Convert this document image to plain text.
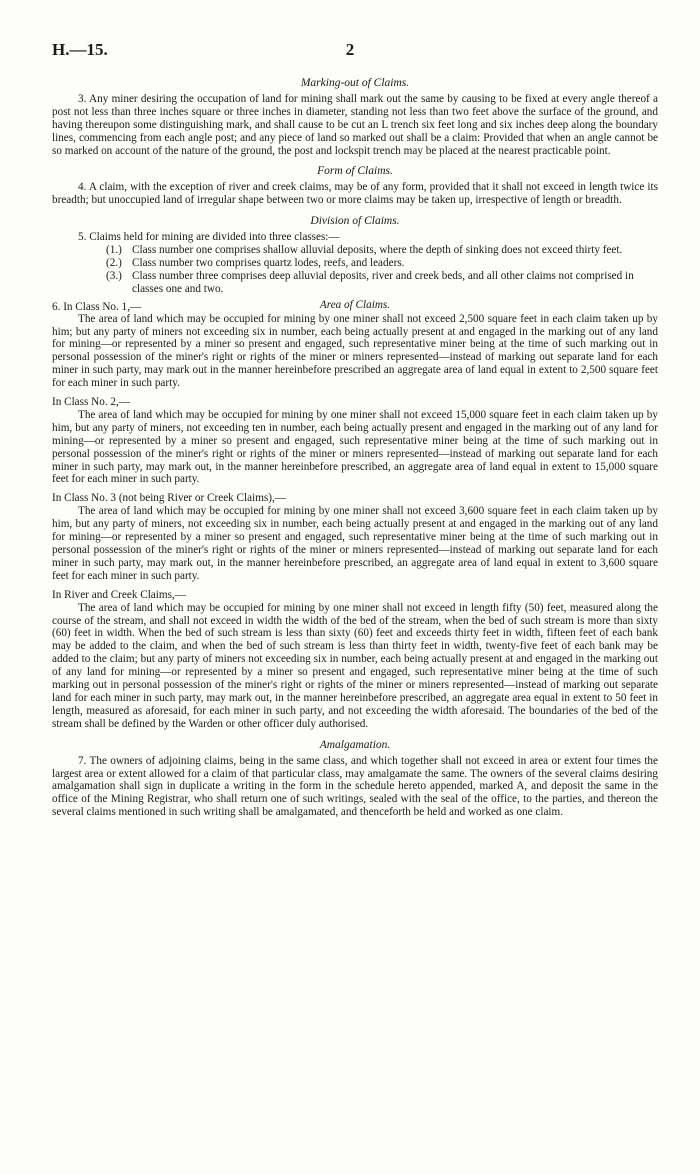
H.—15.	2
Marking-out of Claims.

3. Any miner desiring the occupation of land for mining shall mark out the same by causing to be fixed at every angle thereof a post not less than three inches square or three inches in diameter, standing not less than two feet above the surface of the ground, and having thereupon some distinguishing mark, and shall cause to be cut an L trench six feet long and six inches deep along the boundary lines, commencing from each angle post; and any piece of land so marked out shall be a claim: Provided that when an angle cannot be so marked on account of the nature of the ground, the post and lockspit trench may be placed at the nearest practicable point.

Form of Claims.

4. A claim, with the exception of river and creek claims, may be of any form, provided that it shall not exceed in length twice its breadth; but unoccupied land of irregular shape between two or more claims may be taken up, irrespective of length or breadth.

Division of Claims.
5. Claims held for mining are divided into three classes:—
(1.) Class number one comprises shallow alluvial deposits, where the depth of sinking does not exceed thirty feet.
(2.) Class number two comprises quartz lodes, reefs, and leaders.
(3.) Class number three comprises deep alluvial deposits, river and creek beds, and all other claims not comprised in classes one and two.
Area of Claims.
6. In Class No. 1,—

The area of land which may be occupied for mining by one miner shall not exceed 2,500 square feet in each claim taken up by him; but any party of miners not exceeding six in number, each being actually present at and engaged in the marking out of any land for mining—or represented by a miner so present and engaged, such representative miner being at the time of such marking out in personal possession of the miner's right or rights of the miner or miners represented—instead of marking out separate land for each miner in such party, may mark out in the manner hereinbefore prescribed an aggregate area of land equal in extent to 2,500 square feet for each miner in such party.

In Class No. 2,—

The area of land which may be occupied for mining by one miner shall not exceed 15,000 square feet in each claim taken up by him, but any party of miners, not exceeding ten in number, each being actually present and engaged in the marking out of any land for mining—or represented by a miner so present and engaged, such representative miner being at the time of such marking out in personal possession of the miner's right or rights of the miner or miners represented—instead of marking out separate land for each miner in such party, may mark out, in the manner hereinbefore prescribed, an aggregate area of land equal in extent to 15,000 square feet for each miner in such party.

In Class No. 3 (not being River or Creek Claims),—

The area of land which may be occupied for mining by one miner shall not exceed 3,600 square feet in each claim taken up by him, but any party of miners, not exceeding six in number, each being actually present at and engaged in the marking out of any land for mining—or represented by a miner so present and engaged, such representative miner being at the time of such marking out in personal possession of the miner's right or rights of the miner or miners represented—instead of marking out separate land for each miner in such party, may mark out, in the manner hereinbefore prescribed, an aggregate area of land equal in extent to 3,600 square feet for each miner in such party.

In River and Creek Claims,—

The area of land which may be occupied for mining by one miner shall not exceed in length fifty (50) feet, measured along the course of the stream, and shall not exceed in width the width of the bed of the stream, when the bed of such stream is more than sixty (60) feet in width. When the bed of such stream is less than sixty (60) feet and exceeds thirty feet in width, fifteen feet of each bank may be added to the claim, and when the bed of such stream is less than thirty feet in width, twenty-five feet of each bank may be added to the claim; but any party of miners not exceeding six in number, each being actually present at and engaged in the marking out of any land for mining—or represented by a miner so present and engaged, such representative miner being at the time of such marking out in personal possession of the miner's right or rights of the miner or miners represented—instead of marking out separate land for each miner in such party, may mark out, in the manner hereinbefore prescribed, an aggregate area equal in extent to 50 feet in length, measured as aforesaid, for each miner in such party, and not exceeding the width aforesaid. The boundaries of the bed of the stream shall be defined by the Warden or other officer duly authorised.

Amalgamation.

7. The owners of adjoining claims, being in the same class, and which together shall not exceed in area or extent four times the largest area or extent allowed for a claim of that particular class, may amalgamate the same. The owners of the several claims desiring amalgamation shall sign in duplicate a writing in the form in the schedule hereto appended, marked A, and deposit the same in the office of the Mining Registrar, who shall return one of such writings, sealed with the seal of the office, to the parties, and thereon the several claims mentioned in such writing shall be amalgamated, and thenceforth be held and worked as one claim.
